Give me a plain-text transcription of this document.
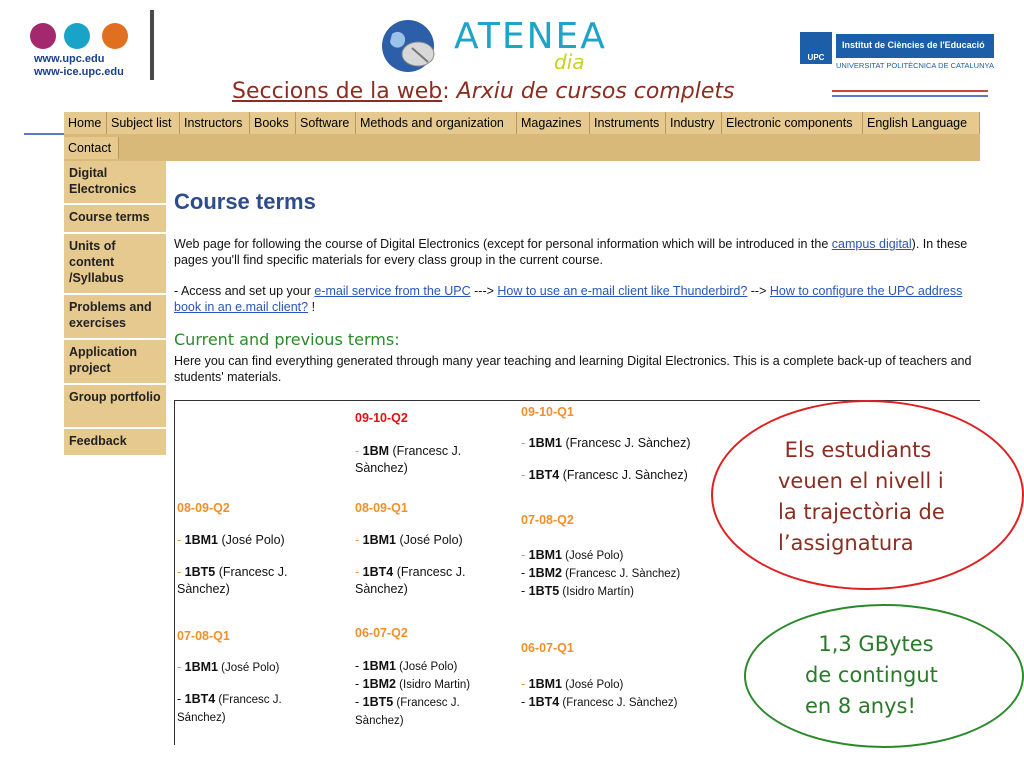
www.upc.edu
www-ice.upc.edu
ATENEA
dia	UPC
Institut de Ciències de l'Educació
UNIVERSITAT POLITÈCNICA DE CATALUNYA
Seccions de la web: Arxiu de cursos complets
Home Subject list	Instructors Books Software Methods and organization	Magazines	Instruments Industry Electronic components	English Language
Contact
Digital Electronics
Course terms
Units of content /Syllabus
Problems and exercises
Application project
Group portfolio
Feedback
Course terms
Web page for following the course of Digital Electronics (except for personal information which will be introduced in the campus digital). In these pages you'll find specific materials for every class group in the current course.
- Access and set up your e-mail service from the UPC ---> How to use an e-mail client like Thunderbird? --> How to configure the UPC address book in an e.mail client? !
Current and previous terms:
Here you can find everything generated through many year teaching and learning Digital Electronics. This is a complete back-up of teachers and students' materials.
09-10-Q2
- 1BM (Francesc J. Sànchez)
09-10-Q1
- 1BM1 (Francesc J. Sànchez)
- 1BT4 (Francesc J. Sànchez)
08-09-Q2
- 1BM1 (José Polo)
- 1BT5 (Francesc J. Sànchez)
08-09-Q1
- 1BM1 (José Polo)
- 1BT4 (Francesc J. Sànchez)
07-08-Q2
- 1BM1 (José Polo)
- 1BM2 (Francesc J. Sànchez)
- 1BT5 (Isidro Martín)
07-08-Q1
- 1BM1 (José Polo)
- 1BT4 (Francesc J. Sánchez)
06-07-Q2
- 1BM1 (José Polo)
- 1BM2 (Isidro Martin)
- 1BT5 (Francesc J. Sànchez)
06-07-Q1
- 1BM1 (José Polo)
- 1BT4 (Francesc J. Sànchez)
Els estudiants
veuen el nivell i
la trajectòria de
l’assignatura
1,3 GBytes
de contingut
en 8 anys!
